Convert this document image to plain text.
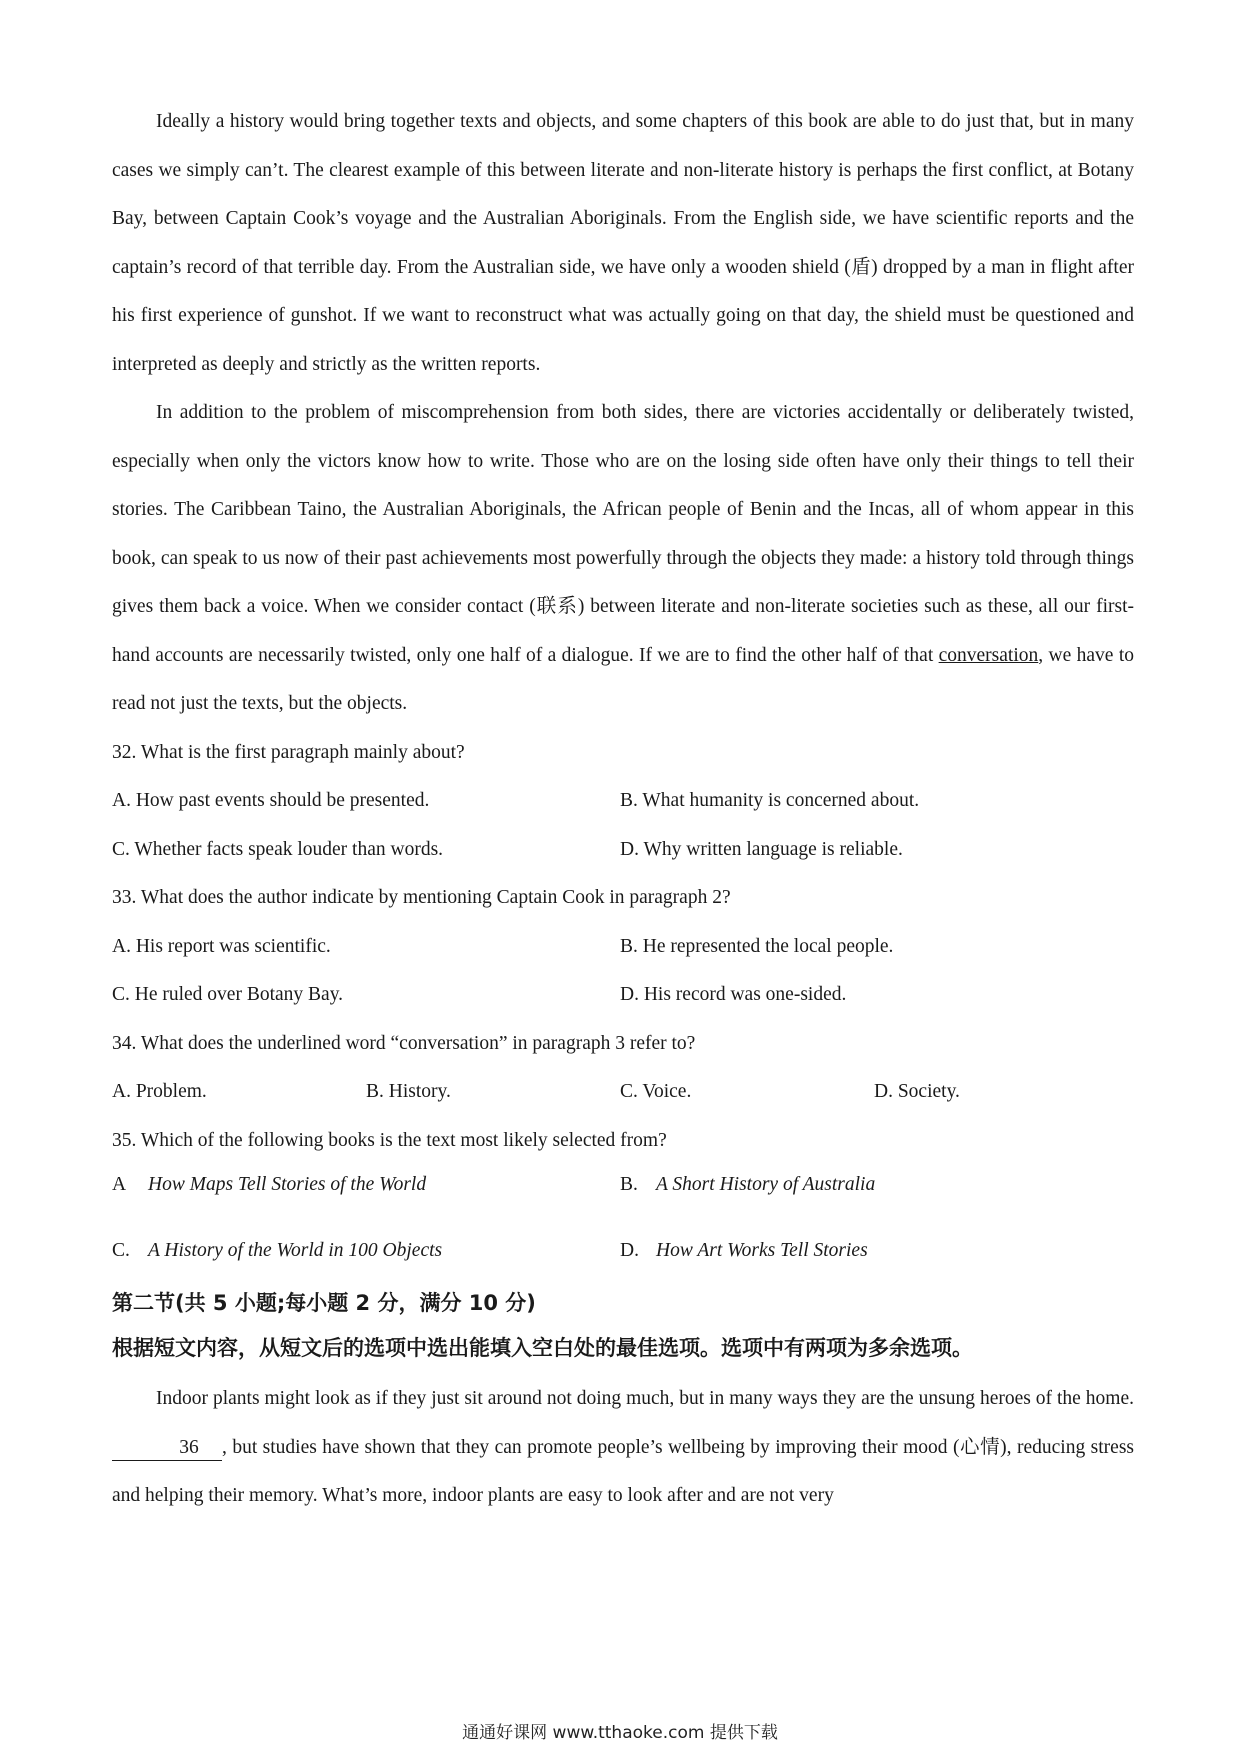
Ideally a history would bring together texts and objects, and some chapters of this book are able to do just that, but in many cases we simply can’t. The clearest example of this between literate and non-literate history is perhaps the first conflict, at Botany Bay, between Captain Cook’s voyage and the Australian Aboriginals. From the English side, we have scientific reports and the captain’s record of that terrible day. From the Australian side, we have only a wooden shield (盾) dropped by a man in flight after his first experience of gunshot. If we want to reconstruct what was actually going on that day, the shield must be questioned and interpreted as deeply and strictly as the written reports.

In addition to the problem of miscomprehension from both sides, there are victories accidentally or deliberately twisted, especially when only the victors know how to write. Those who are on the losing side often have only their things to tell their stories. The Caribbean Taino, the Australian Aboriginals, the African people of Benin and the Incas, all of whom appear in this book, can speak to us now of their past achievements most powerfully through the objects they made: a history told through things gives them back a voice. When we consider contact (联系) between literate and non-literate societies such as these, all our first-hand accounts are necessarily twisted, only one half of a dialogue. If we are to find the other half of that conversation, we have to read not just the texts, but the objects.

32. What is the first paragraph mainly about?

A. How past events should be presented.	B. What humanity is concerned about.
C. Whether facts speak louder than words.	D. Why written language is reliable.

33. What does the author indicate by mentioning Captain Cook in paragraph 2?

A. His report was scientific.	B. He represented the local people.
C. He ruled over Botany Bay.	D. His record was one-sided.

34. What does the underlined word “conversation” in paragraph 3 refer to?

A. Problem.	B. History.	C. Voice.	D. Society.

35. Which of the following books is the text most likely selected from?

A How Maps Tell Stories of the World	B. A Short History of Australia
C. A History of the World in 100 Objects	D. How Art Works Tell Stories

第二节(共 5 小题;每小题 2 分，满分 10 分)

根据短文内容，从短文后的选项中选出能填入空白处的最佳选项。选项中有两项为多余选项。

Indoor plants might look as if they just sit around not doing much, but in many ways they are the unsung heroes of the home. 36 , but studies have shown that they can promote people’s wellbeing by improving their mood (心情), reducing stress and helping their memory. What’s more, indoor plants are easy to look after and are not very

通通好课网 www.tthaoke.com 提供下载
